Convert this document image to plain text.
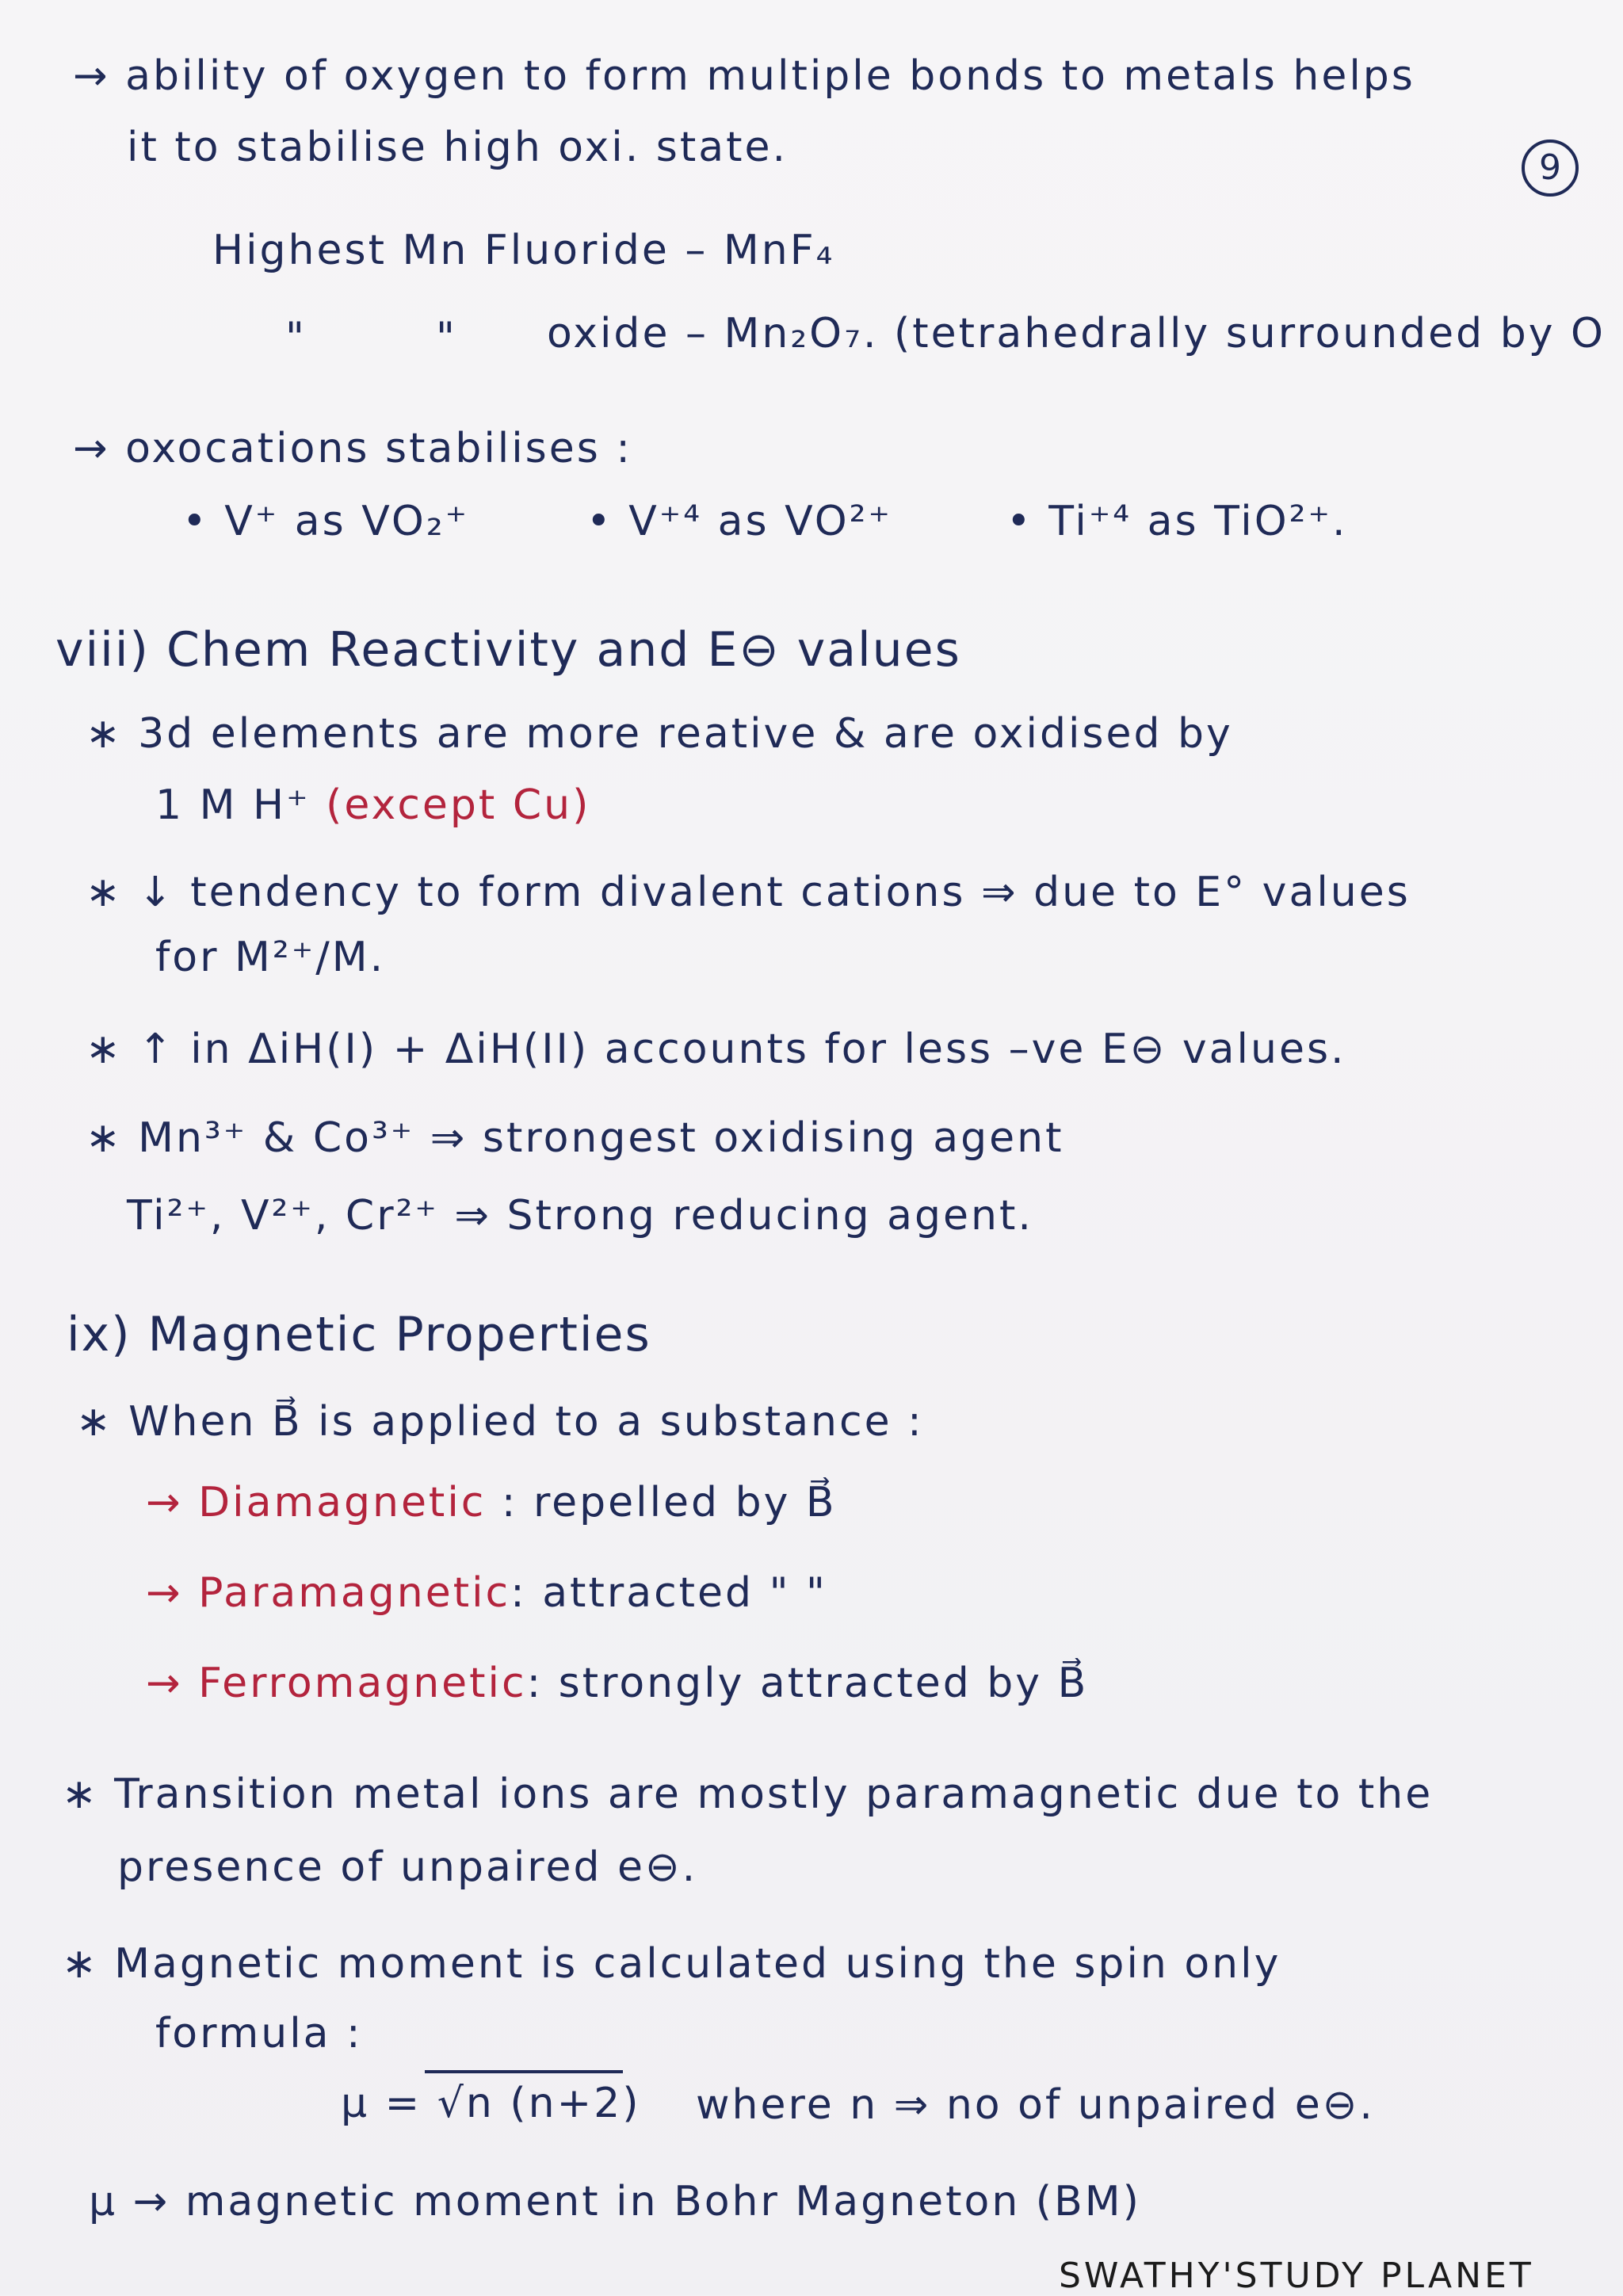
→ ability of oxygen to form multiple bonds to metals helps
it to stabilise high oxi. state.	9
Highest Mn Fluoride – MnF₄
"	" oxide – Mn₂O₇. (tetrahedrally surrounded by O
→ oxocations stabilises :
• V⁺ as VO₂⁺	• V⁺⁴ as VO²⁺	• Ti⁺⁴ as TiO²⁺.
viii) Chem Reactivity and E⊖ values
∗ 3d elements are more reative & are oxidised by
1 M H⁺ (except Cu)
∗ ↓ tendency to form divalent cations ⇒ due to E° values
for M²⁺/M.
∗ ↑ in ΔiH(I) + ΔiH(II) accounts for less –ve E⊖ values.
∗ Mn³⁺ & Co³⁺ ⇒ strongest oxidising agent
Ti²⁺, V²⁺, Cr²⁺ ⇒ Strong reducing agent.
ix) Magnetic Properties
∗ When B⃗ is applied to a substance :
→ Diamagnetic : repelled by B⃗
→ Paramagnetic: attracted " "
→ Ferromagnetic: strongly attracted by B⃗
∗ Transition metal ions are mostly paramagnetic due to the
presence of unpaired e⊖.
∗ Magnetic moment is calculated using the spin only
formula :
μ = √n (n+2) where n ⇒ no of unpaired e⊖.
μ → magnetic moment in Bohr Magneton (BM)
SWATHY'STUDY PLANET
